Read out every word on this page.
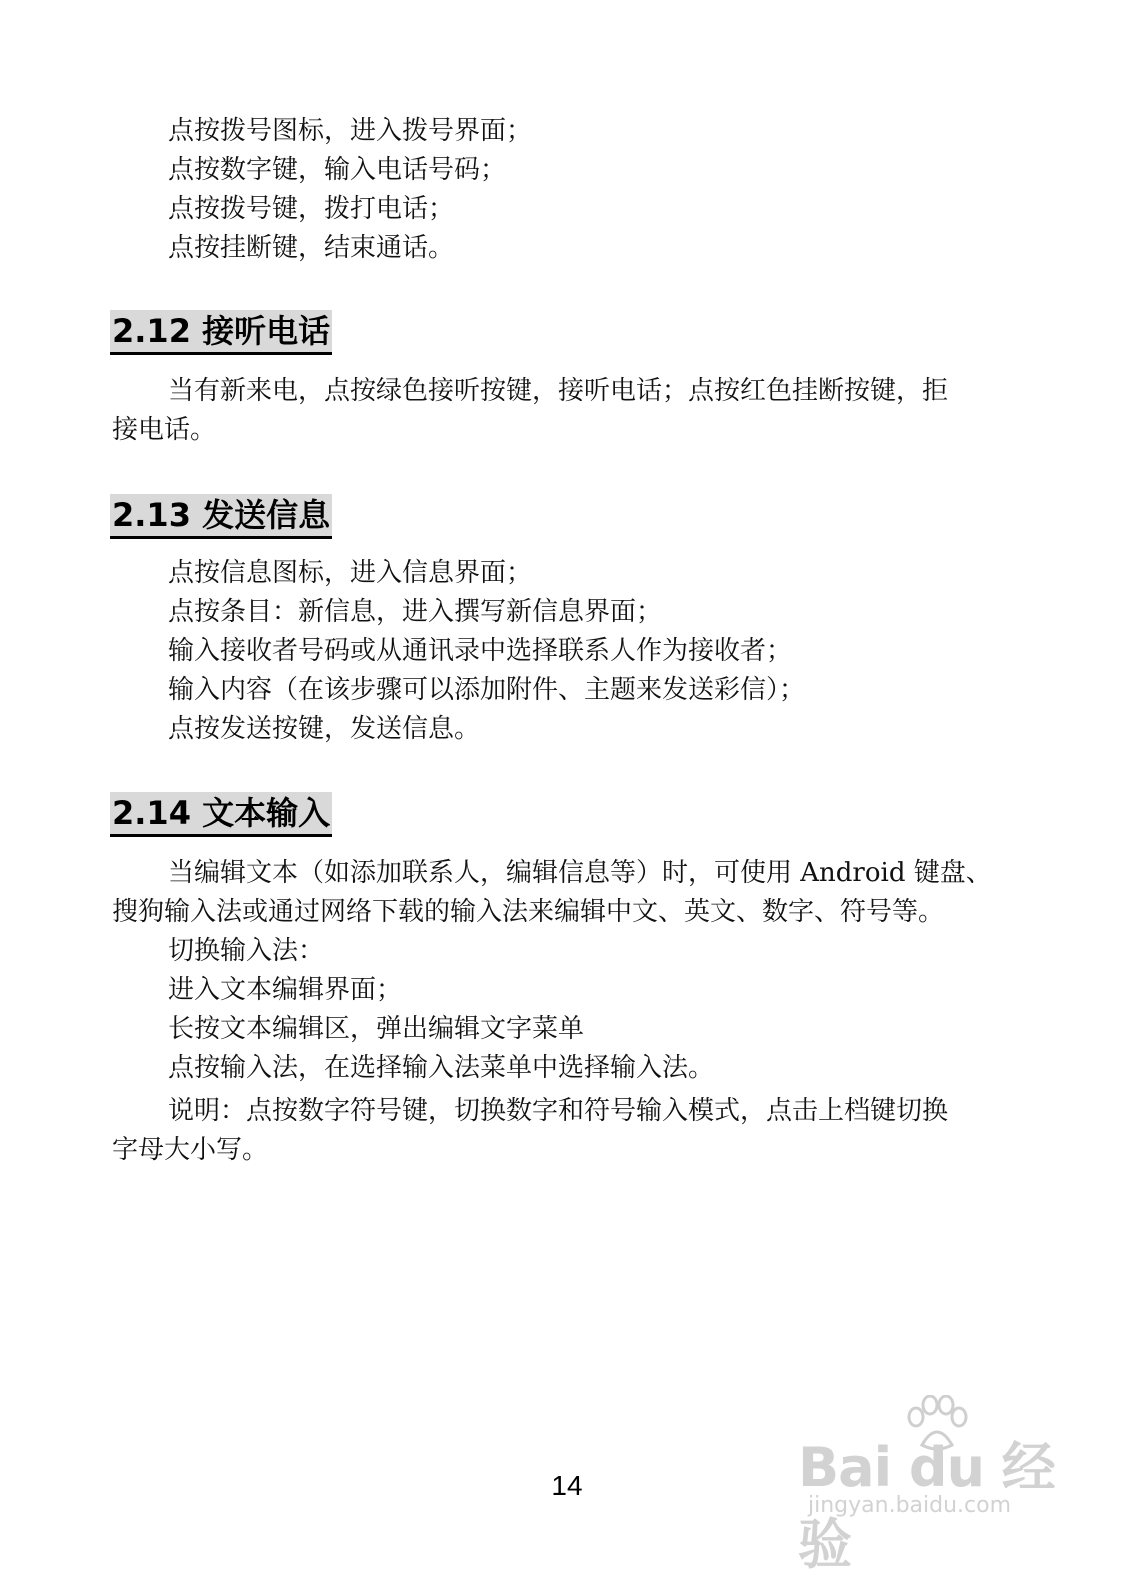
点按拨号图标，进入拨号界面；
点按数字键，输入电话号码；
点按拨号键，拨打电话；
点按挂断键，结束通话。
2.12 接听电话
当有新来电，点按绿色接听按键，接听电话；点按红色挂断按键，拒
接电话。
2.13 发送信息
点按信息图标，进入信息界面；
点按条目：新信息，进入撰写新信息界面；
输入接收者号码或从通讯录中选择联系人作为接收者；
输入内容（在该步骤可以添加附件、主题来发送彩信）；
点按发送按键，发送信息。
2.14 文本输入
当编辑文本（如添加联系人，编辑信息等）时，可使用 Android 键盘、
搜狗输入法或通过网络下载的输入法来编辑中文、英文、数字、符号等。
切换输入法：
进入文本编辑界面；
长按文本编辑区，弹出编辑文字菜单
点按输入法，在选择输入法菜单中选择输入法。
说明：点按数字符号键，切换数字和符号输入模式，点击上档键切换
字母大小写。
14	Bai du 经验
jingyan.baidu.com
